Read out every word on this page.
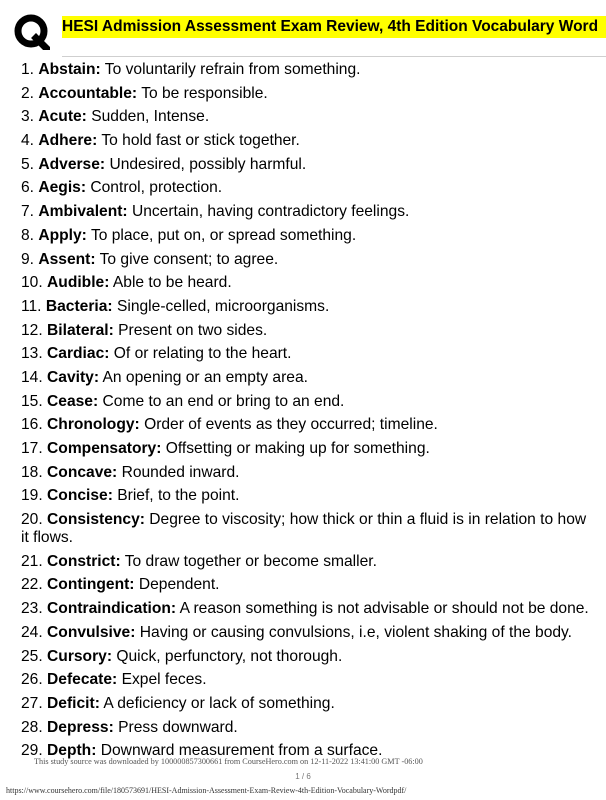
HESI Admission Assessment Exam Review, 4th Edition Vocabulary Word
1. Abstain: To voluntarily refrain from something.
2. Accountable: To be responsible.
3. Acute: Sudden, Intense.
4. Adhere: To hold fast or stick together.
5. Adverse: Undesired, possibly harmful.
6. Aegis: Control, protection.
7. Ambivalent: Uncertain, having contradictory feelings.
8. Apply: To place, put on, or spread something.
9. Assent: To give consent; to agree.
10. Audible: Able to be heard.
11. Bacteria: Single-celled, microorganisms.
12. Bilateral: Present on two sides.
13. Cardiac: Of or relating to the heart.
14. Cavity: An opening or an empty area.
15. Cease: Come to an end or bring to an end.
16. Chronology: Order of events as they occurred; timeline.
17. Compensatory: Offsetting or making up for something.
18. Concave: Rounded inward.
19. Concise: Brief, to the point.
20. Consistency: Degree to viscosity; how thick or thin a fluid is in relation to how it flows.
21. Constrict: To draw together or become smaller.
22. Contingent: Dependent.
23. Contraindication: A reason something is not advisable or should not be done.
24. Convulsive: Having or causing convulsions, i.e, violent shaking of the body.
25. Cursory: Quick, perfunctory, not thorough.
26. Defecate: Expel feces.
27. Deficit: A deficiency or lack of something.
28. Depress: Press downward.
29. Depth: Downward measurement from a surface.
This study source was downloaded by 100000857300661 from CourseHero.com on 12-11-2022 13:41:00 GMT -06:00
1 / 6
https://www.coursehero.com/file/180573691/HESI-Admission-Assessment-Exam-Review-4th-Edition-Vocabulary-Wordpdf/
